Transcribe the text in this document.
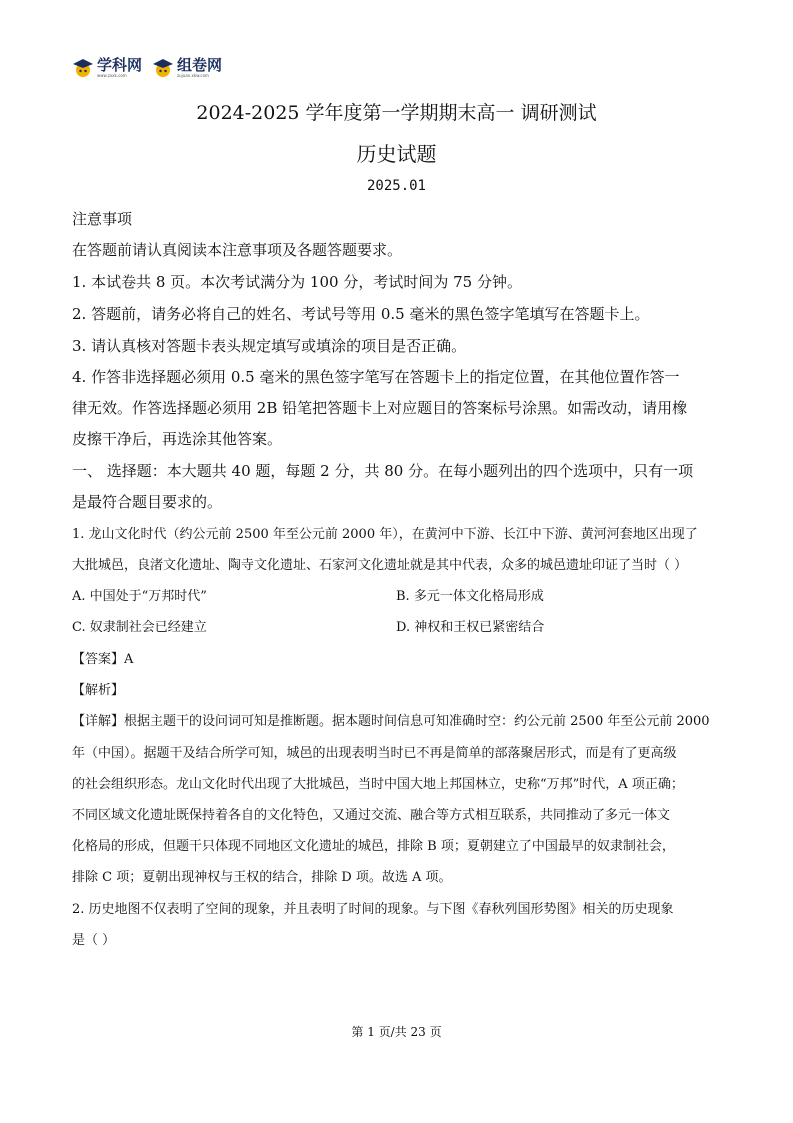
学科网
www.zxxk.com
组卷网
zujuan.xkw.com
2024-2025 学年度第一学期期末高一 调研测试
历史试题
2025.01
注意事项
在答题前请认真阅读本注意事项及各题答题要求。
1. 本试卷共 8 页。本次考试满分为 100 分，考试时间为 75 分钟。
2. 答题前，请务必将自己的姓名、考试号等用 0.5 毫米的黑色签字笔填写在答题卡上。
3. 请认真核对答题卡表头规定填写或填涂的项目是否正确。
4. 作答非选择题必须用 0.5 毫米的黑色签字笔写在答题卡上的指定位置，在其他位置作答一
律无效。作答选择题必须用 2B 铅笔把答题卡上对应题目的答案标号涂黑。如需改动，请用橡
皮擦干净后，再选涂其他答案。
一、 选择题：本大题共 40 题，每题 2 分，共 80 分。在每小题列出的四个选项中，只有一项
是最符合题目要求的。
1. 龙山文化时代（约公元前 2500 年至公元前 2000 年），在黄河中下游、长江中下游、黄河河套地区出现了
大批城邑，良渚文化遗址、陶寺文化遗址、石家河文化遗址就是其中代表，众多的城邑遗址印证了当时（ ）
A. 中国处于“万邦时代”	B. 多元一体文化格局形成
C. 奴隶制社会已经建立	D. 神权和王权已紧密结合
【答案】A
【解析】
【详解】根据主题干的设问词可知是推断题。据本题时间信息可知准确时空：约公元前 2500 年至公元前 2000
年（中国）。据题干及结合所学可知，城邑的出现表明当时已不再是简单的部落聚居形式，而是有了更高级
的社会组织形态。龙山文化时代出现了大批城邑，当时中国大地上邦国林立，史称“万邦”时代，A 项正确；
不同区域文化遗址既保持着各自的文化特色，又通过交流、融合等方式相互联系，共同推动了多元一体文
化格局的形成，但题干只体现不同地区文化遗址的城邑，排除 B 项；夏朝建立了中国最早的奴隶制社会，
排除 C 项；夏朝出现神权与王权的结合，排除 D 项。故选 A 项。
2. 历史地图不仅表明了空间的现象，并且表明了时间的现象。与下图《春秋列国形势图》相关的历史现象
是（ ）
第 1 页/共 23 页
